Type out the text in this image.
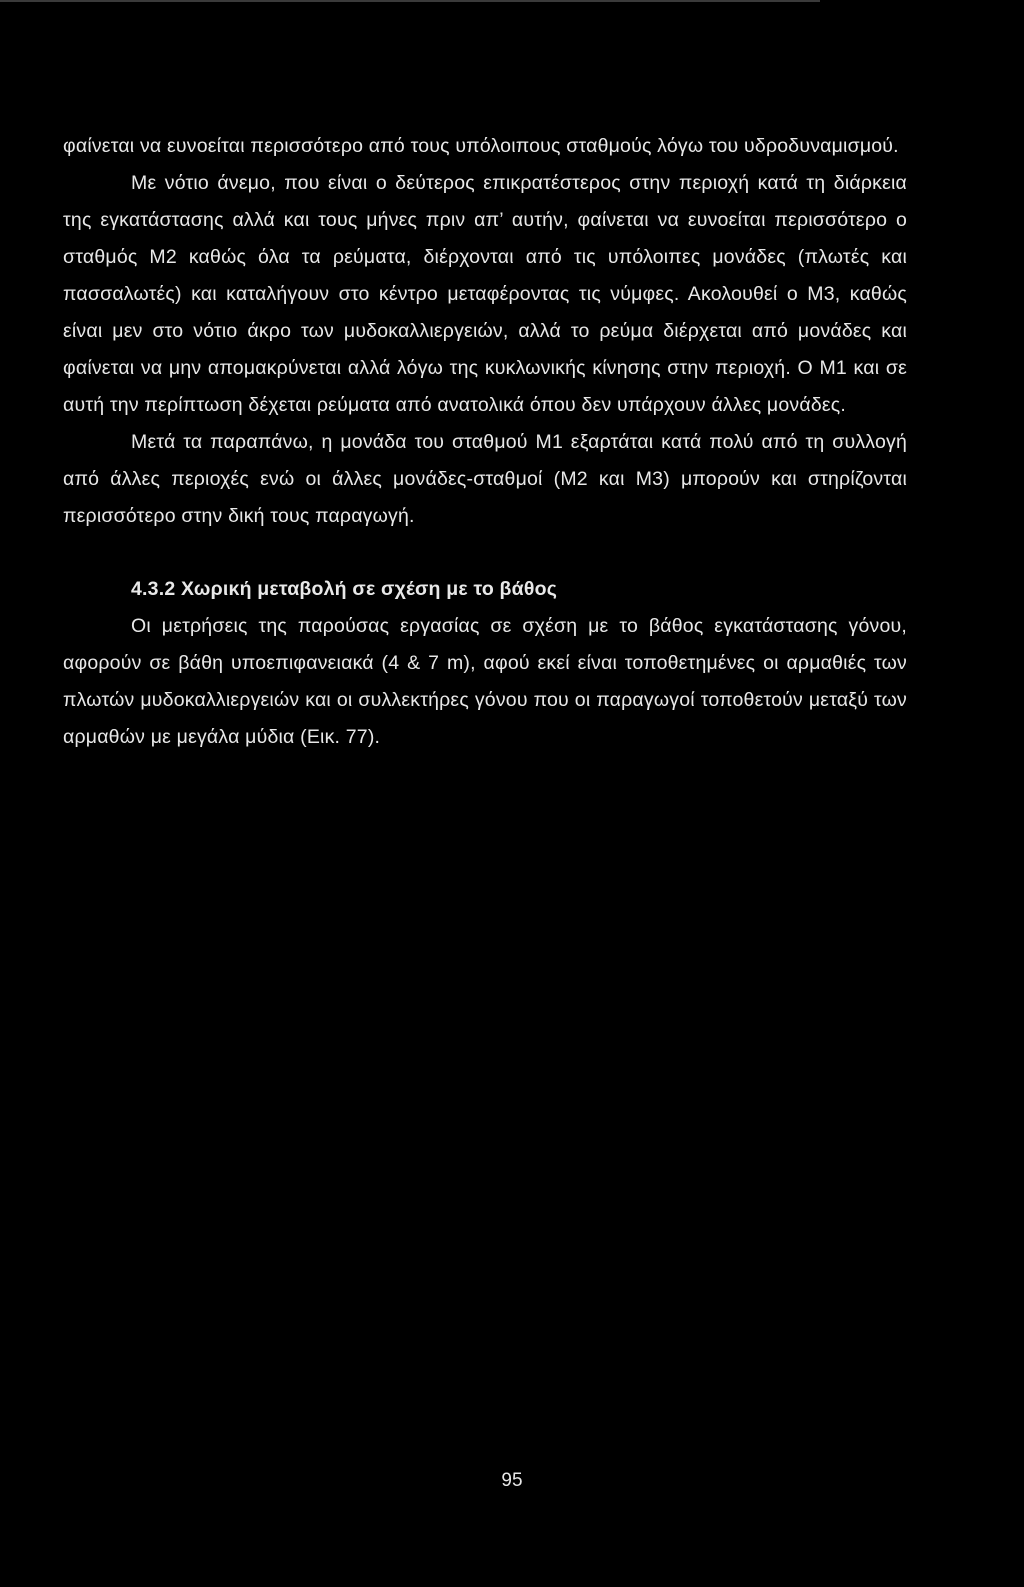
φαίνεται να ευνοείται περισσότερο από τους υπόλοιπους σταθμούς λόγω του υδροδυναμισμού.

Με νότιο άνεμο, που είναι ο δεύτερος επικρατέστερος στην περιοχή κατά τη διάρκεια της εγκατάστασης αλλά και τους μήνες πριν απ’ αυτήν, φαίνεται να ευνοείται περισσότερο ο σταθμός Μ2 καθώς όλα τα ρεύματα, διέρχονται από τις υπόλοιπες μονάδες (πλωτές και πασσαλωτές) και καταλήγουν στο κέντρο μεταφέροντας τις νύμφες. Ακολουθεί ο Μ3, καθώς είναι μεν στο νότιο άκρο των μυδοκαλλιεργειών, αλλά το ρεύμα διέρχεται από μονάδες και φαίνεται να μην απομακρύνεται αλλά λόγω της κυκλωνικής κίνησης στην περιοχή. Ο Μ1 και σε αυτή την περίπτωση δέχεται ρεύματα από ανατολικά όπου δεν υπάρχουν άλλες μονάδες.

Μετά τα παραπάνω, η μονάδα του σταθμού Μ1 εξαρτάται κατά πολύ από τη συλλογή από άλλες περιοχές ενώ οι άλλες μονάδες-σταθμοί (Μ2 και Μ3) μπορούν και στηρίζονται περισσότερο στην δική τους παραγωγή.

4.3.2 Χωρική μεταβολή σε σχέση με το βάθος

Οι μετρήσεις της παρούσας εργασίας σε σχέση με το βάθος εγκατάστασης γόνου, αφορούν σε βάθη υποεπιφανειακά (4 & 7 m), αφού εκεί είναι τοποθετημένες οι αρμαθιές των πλωτών μυδοκαλλιεργειών και οι συλλεκτήρες γόνου που οι παραγωγοί τοποθετούν μεταξύ των αρμαθών με μεγάλα μύδια (Εικ. 77).

95
